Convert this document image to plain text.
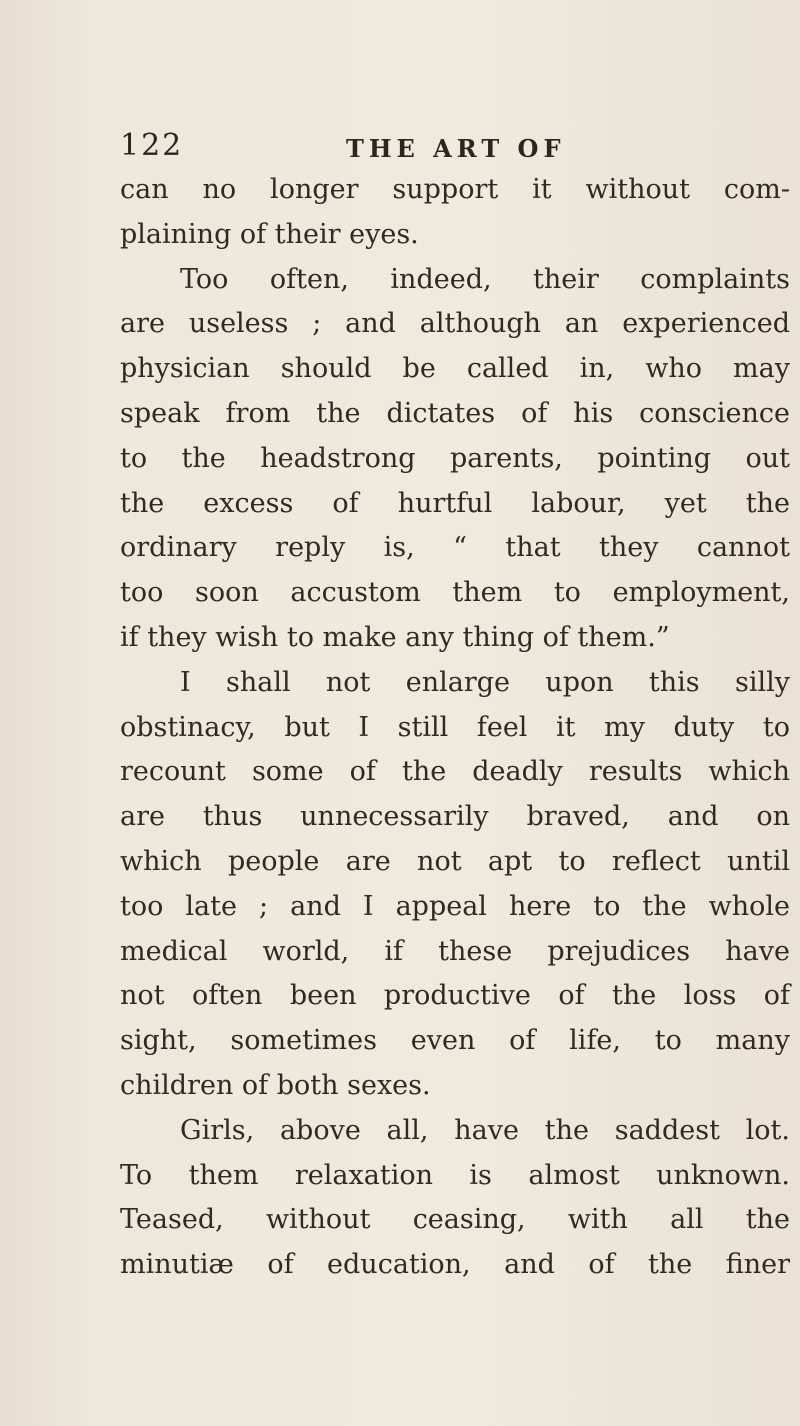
122	THE ART OF
can no longer support it without com-
plaining of their eyes.
Too often, indeed, their complaints
are useless ; and although an experienced
physician should be called in, who may
speak from the dictates of his conscience
to the headstrong parents, pointing out
the excess of hurtful labour, yet the
ordinary reply is, “ that they cannot
too soon accustom them to employment,
if they wish to make any thing of them.”
I shall not enlarge upon this silly
obstinacy, but I still feel it my duty to
recount some of the deadly results which
are thus unnecessarily braved, and on
which people are not apt to reflect until
too late ; and I appeal here to the whole
medical world, if these prejudices have
not often been productive of the loss of
sight, sometimes even of life, to many
children of both sexes.
Girls, above all, have the saddest lot.
To them relaxation is almost unknown.
Teased, without ceasing, with all the
minutiæ of education, and of the finer
